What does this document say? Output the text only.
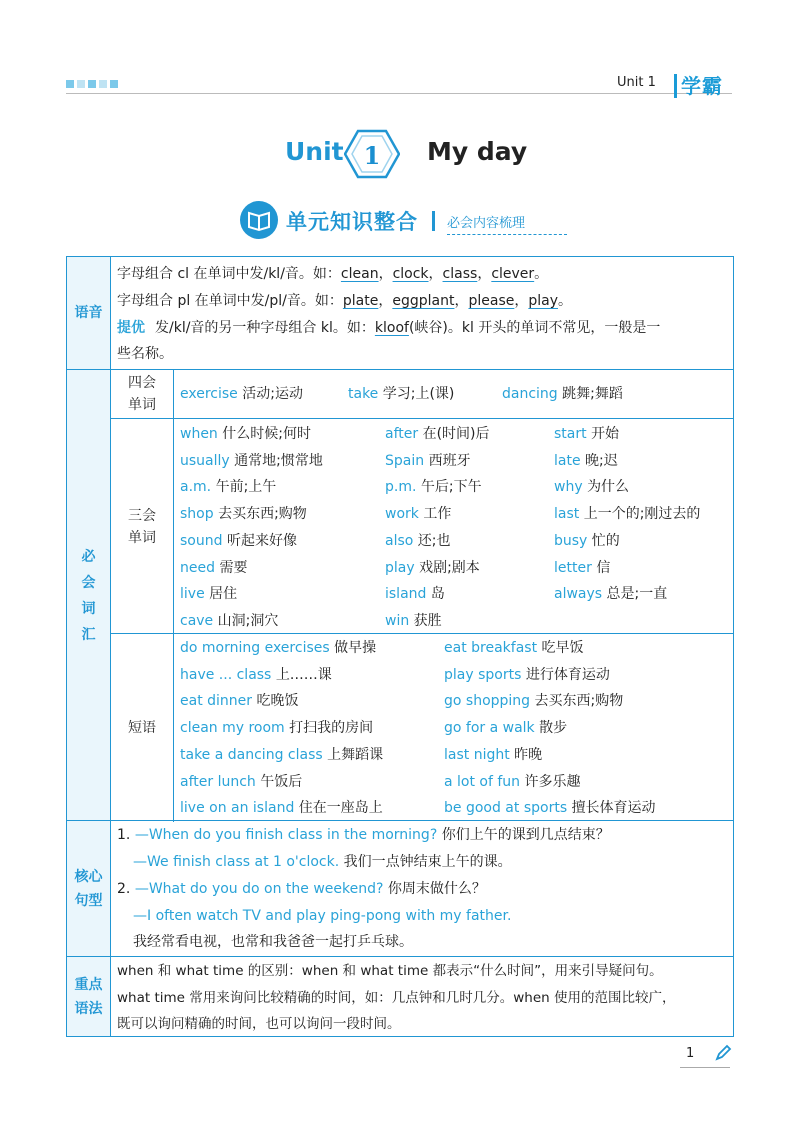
Unit 1	学霸
Unit 1	My day
单元知识整合 必会内容梳理
语音
字母组合 cl 在单词中发/kl/音。如：clean，clock，class，clever。
字母组合 pl 在单词中发/pl/音。如：plate，eggplant，please，play。
提优 发/kl/音的另一种字母组合 kl。如：kloof(峡谷)。kl 开头的单词不常见，一般是一
些名称。
必会词汇
四会单词
exercise 活动;运动	take 学习;上(课)	dancing 跳舞;舞蹈
三会单词
when 什么时候;何时	after 在(时间)后	start 开始
usually 通常地;惯常地	Spain 西班牙	late 晚;迟
a.m. 午前;上午	p.m. 午后;下午	why 为什么
shop 去买东西;购物	work 工作	last 上一个的;刚过去的
sound 听起来好像	also 还;也	busy 忙的
need 需要	play 戏剧;剧本	letter 信
live 居住	island 岛	always 总是;一直
cave 山洞;洞穴	win 获胜
短语
do morning exercises 做早操	eat breakfast 吃早饭
have ... class 上……课	play sports 进行体育运动
eat dinner 吃晚饭	go shopping 去买东西;购物
clean my room 打扫我的房间	go for a walk 散步
take a dancing class 上舞蹈课	last night 昨晚
after lunch 午饭后	a lot of fun 许多乐趣
live on an island 住在一座岛上	be good at sports 擅长体育运动
核心句型
1. —When do you finish class in the morning? 你们上午的课到几点结束？
—We finish class at 1 o'clock. 我们一点钟结束上午的课。
2. —What do you do on the weekend? 你周末做什么？
—I often watch TV and play ping-pong with my father.
我经常看电视，也常和我爸爸一起打乒乓球。
重点语法
when 和 what time 的区别：when 和 what time 都表示“什么时间”，用来引导疑问句。
what time 常用来询问比较精确的时间，如：几点钟和几时几分。when 使用的范围比较广，
既可以询问精确的时间，也可以询问一段时间。
1
